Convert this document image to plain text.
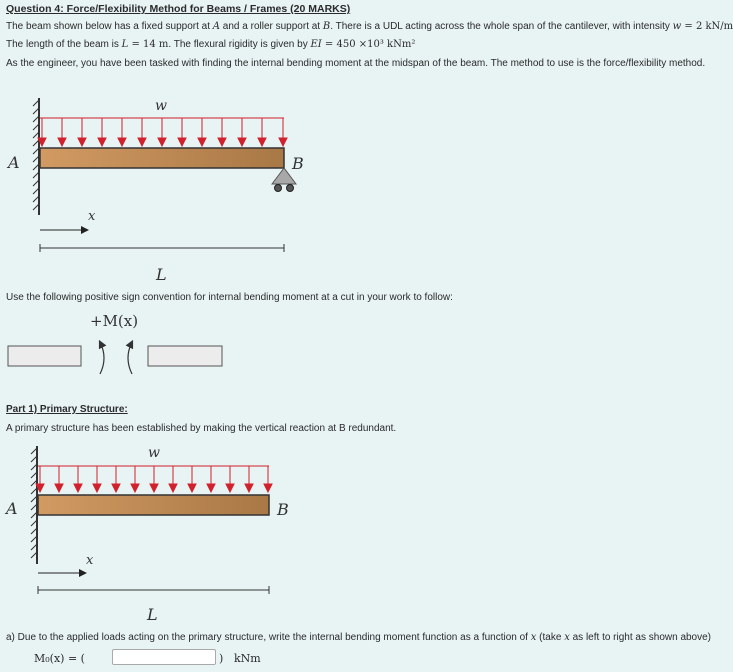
Question 4: Force/Flexibility Method for Beams / Frames (20 MARKS)
The beam shown below has a fixed support at A and a roller support at B. There is a UDL acting across the whole span of the cantilever, with intensity w = 2 kN/m
The length of the beam is L = 14 m. The flexural rigidity is given by EI = 450 ×10³ kNm²
As the engineer, you have been tasked with finding the internal bending moment at the midspan of the beam. The method to use is the force/flexibility method.
w
A	B
x
L
Use the following positive sign convention for internal bending moment at a cut in your work to follow:
+M(x)
Part 1) Primary Structure:
A primary structure has been established by making the vertical reaction at B redundant.
w
A	B
x
L
a) Due to the applied loads acting on the primary structure, write the internal bending moment function as a function of x (take x as left to right as shown above)
M₀(x) = (	) kNm
